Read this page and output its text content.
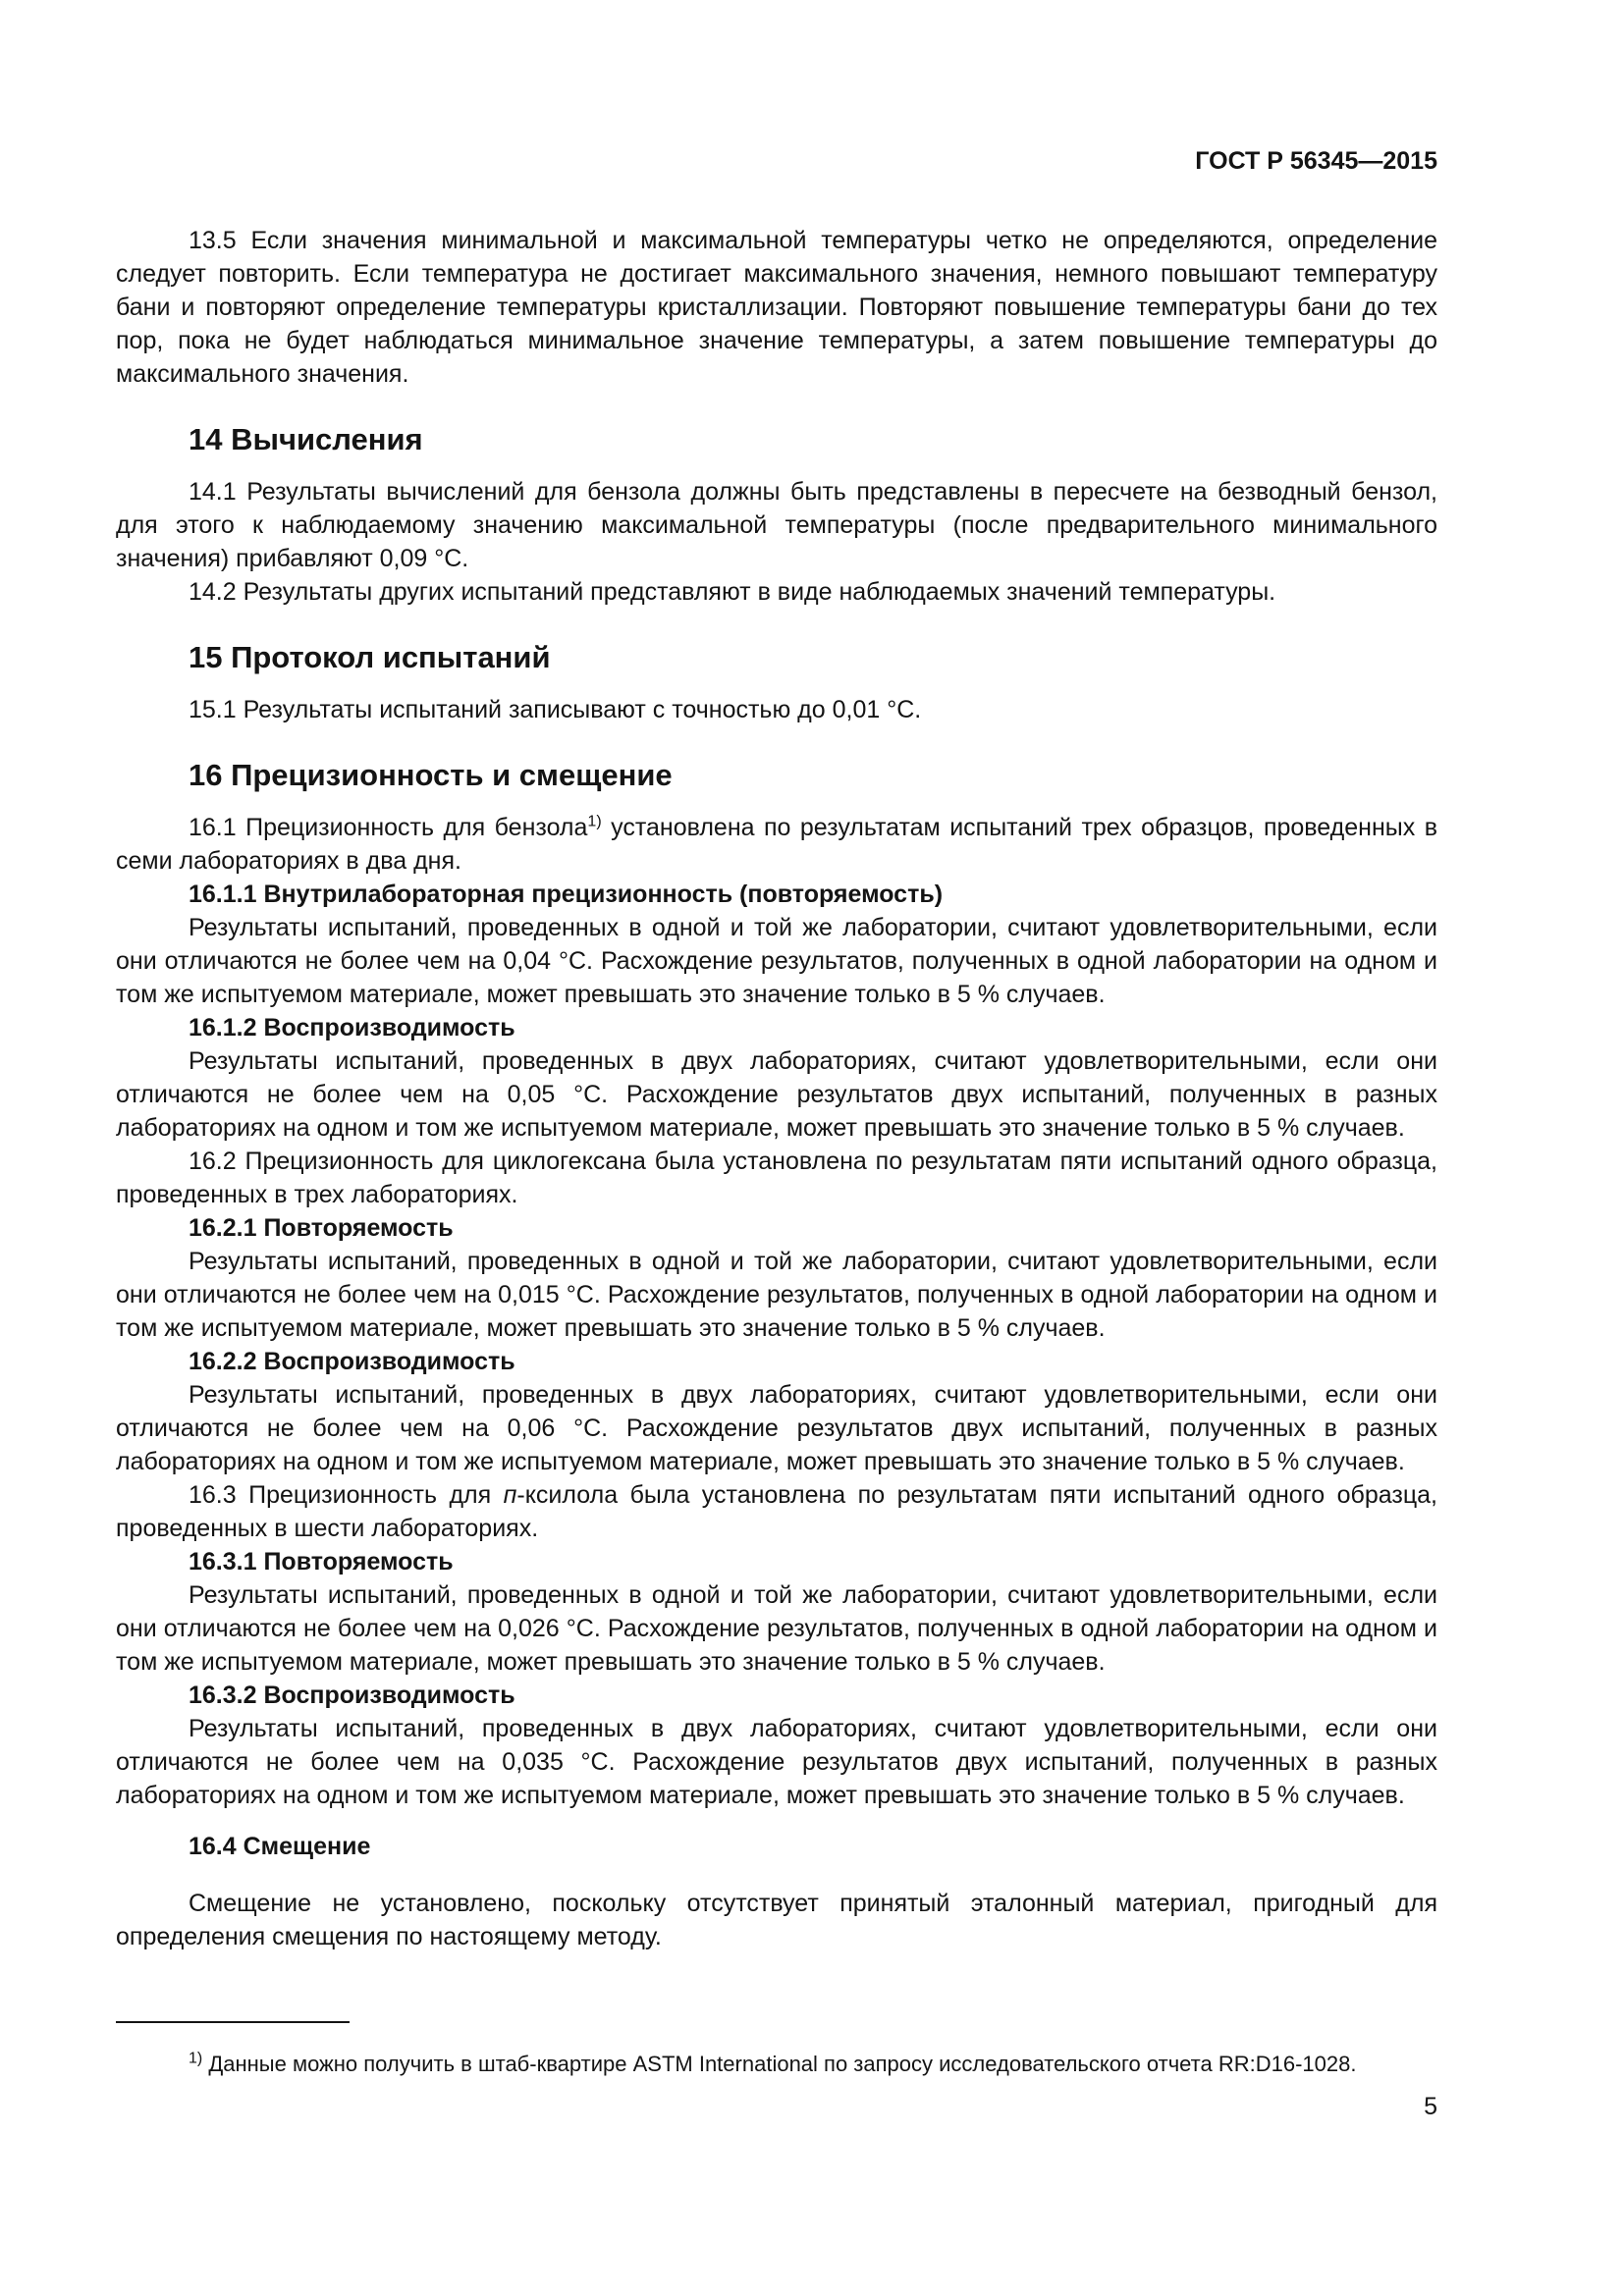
ГОСТ Р 56345—2015

13.5 Если значения минимальной и максимальной температуры четко не определяются, определение следует повторить. Если температура не достигает максимального значения, немного повышают температуру бани и повторяют определение температуры кристаллизации. Повторяют повышение температуры бани до тех пор, пока не будет наблюдаться минимальное значение температуры, а затем повышение температуры до максимального значения.

14 Вычисления

14.1 Результаты вычислений для бензола должны быть представлены в пересчете на безводный бензол, для этого к наблюдаемому значению максимальной температуры (после предварительного минимального значения) прибавляют 0,09 °С.

14.2 Результаты других испытаний представляют в виде наблюдаемых значений температуры.

15 Протокол испытаний

15.1 Результаты испытаний записывают с точностью до 0,01 °С.

16 Прецизионность и смещение

16.1 Прецизионность для бензола$^{1)}$ установлена по результатам испытаний трех образцов, проведенных в семи лабораториях в два дня.

16.1.1 Внутрилабораторная прецизионность (повторяемость)

Результаты испытаний, проведенных в одной и той же лаборатории, считают удовлетворительными, если они отличаются не более чем на 0,04 °С. Расхождение результатов, полученных в одной лаборатории на одном и том же испытуемом материале, может превышать это значение только в 5 % случаев.

16.1.2 Воспроизводимость

Результаты испытаний, проведенных в двух лабораториях, считают удовлетворительными, если они отличаются не более чем на 0,05 °С. Расхождение результатов двух испытаний, полученных в разных лабораториях на одном и том же испытуемом материале, может превышать это значение только в 5 % случаев.

16.2 Прецизионность для циклогексана была установлена по результатам пяти испытаний одного образца, проведенных в трех лабораториях.

16.2.1 Повторяемость

Результаты испытаний, проведенных в одной и той же лаборатории, считают удовлетворительными, если они отличаются не более чем на 0,015 °С. Расхождение результатов, полученных в одной лаборатории на одном и том же испытуемом материале, может превышать это значение только в 5 % случаев.

16.2.2 Воспроизводимость

Результаты испытаний, проведенных в двух лабораториях, считают удовлетворительными, если они отличаются не более чем на 0,06 °С. Расхождение результатов двух испытаний, полученных в разных лабораториях на одном и том же испытуемом материале, может превышать это значение только в 5 % случаев.

16.3 Прецизионность для п-ксилола была установлена по результатам пяти испытаний одного образца, проведенных в шести лабораториях.

16.3.1 Повторяемость

Результаты испытаний, проведенных в одной и той же лаборатории, считают удовлетворительными, если они отличаются не более чем на 0,026 °С. Расхождение результатов, полученных в одной лаборатории на одном и том же испытуемом материале, может превышать это значение только в 5 % случаев.

16.3.2 Воспроизводимость

Результаты испытаний, проведенных в двух лабораториях, считают удовлетворительными, если они отличаются не более чем на 0,035 °С. Расхождение результатов двух испытаний, полученных в разных лабораториях на одном и том же испытуемом материале, может превышать это значение только в 5 % случаев.

16.4 Смещение

Смещение не установлено, поскольку отсутствует принятый эталонный материал, пригодный для определения смещения по настоящему методу.

$^{1)}$ Данные можно получить в штаб-квартире ASTM International по запросу исследовательского отчета RR:D16-1028.

5
